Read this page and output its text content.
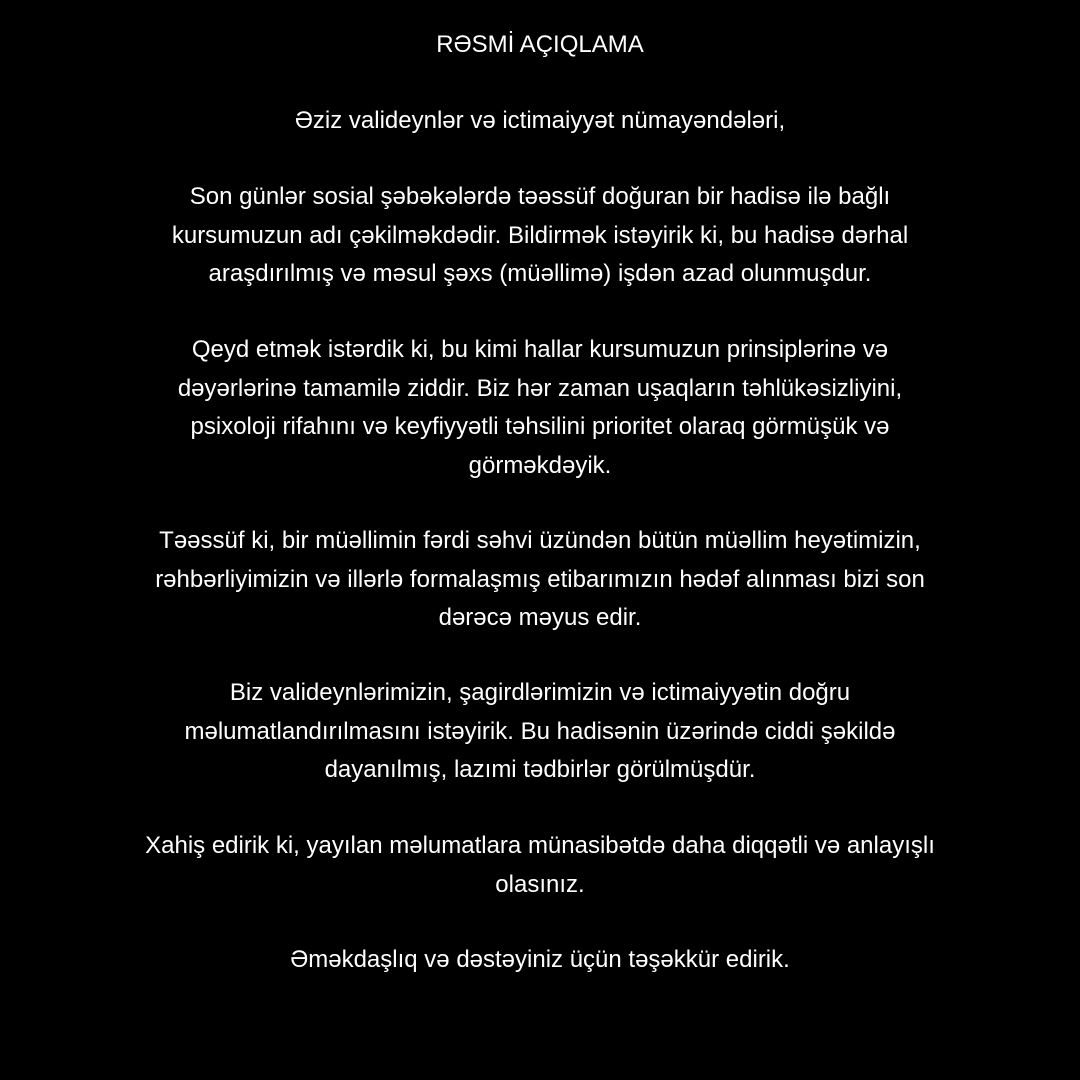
RƏSMİ AÇIQLAMA

Əziz valideynlər və ictimaiyyət nümayəndələri,

Son günlər sosial şəbəkələrdə təəssüf doğuran bir hadisə ilə bağlı
kursumuzun adı çəkilməkdədir. Bildirmək istəyirik ki, bu hadisə dərhal
araşdırılmış və məsul şəxs (müəllimə) işdən azad olunmuşdur.
Qeyd etmək istərdik ki, bu kimi hallar kursumuzun prinsiplərinə və
dəyərlərinə tamamilə ziddir. Biz hər zaman uşaqların təhlükəsizliyini,
psixoloji rifahını və keyfiyyətli təhsilini prioritet olaraq görmüşük və
görməkdəyik.
Təəssüf ki, bir müəllimin fərdi səhvi üzündən bütün müəllim heyətimizin,
rəhbərliyimizin və illərlə formalaşmış etibarımızın hədəf alınması bizi son
dərəcə məyus edir.
Biz valideynlərimizin, şagirdlərimizin və ictimaiyyətin doğru
məlumatlandırılmasını istəyirik. Bu hadisənin üzərində ciddi şəkildə
dayanılmış, lazımi tədbirlər görülmüşdür.
Xahiş edirik ki, yayılan məlumatlara münasibətdə daha diqqətli və anlayışlı
olasınız.
Əməkdaşlıq və dəstəyiniz üçün təşəkkür edirik.
